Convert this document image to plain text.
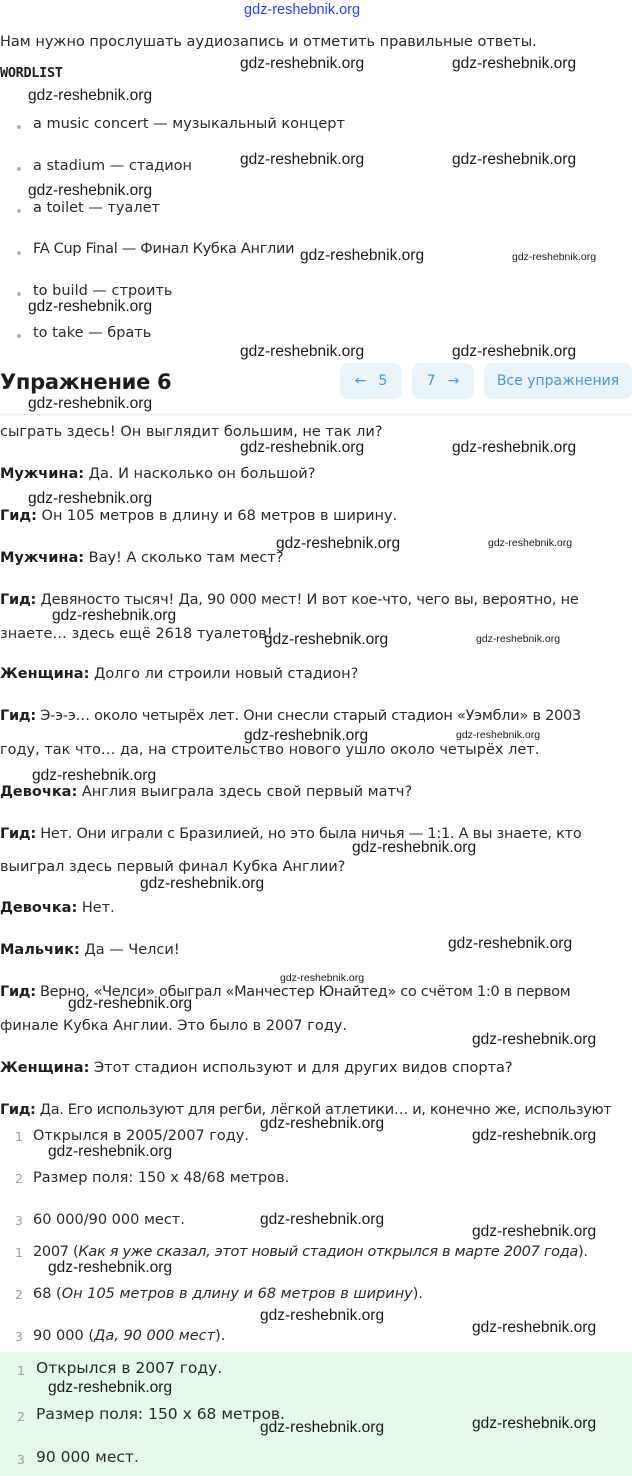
gdz-reshebnik.org
Нам нужно прослушать аудиозапись и отметить правильные ответы.
WORDLIST
a music concert — музыкальный концерт
a stadium — стадион
a toilet — туалет
FA Cup Final — Финал Кубка Англии
to build — строить
to take — брать
Упражнение 6	← 5	7 →	Все упражнения
сыграть здесь! Он выглядит большим, не так ли?
Мужчина: Да. И насколько он большой?
Гид: Он 105 метров в длину и 68 метров в ширину.
Мужчина: Вау! А сколько там мест?
Гид: Девяносто тысяч! Да, 90 000 мест! И вот кое-что, чего вы, вероятно, не
знаете… здесь ещё 2618 туалетов!
Женщина: Долго ли строили новый стадион?
Гид: Э-э-э… около четырёх лет. Они снесли старый стадион «Уэмбли» в 2003
году, так что… да, на строительство нового ушло около четырёх лет.
Девочка: Англия выиграла здесь свой первый матч?
Гид: Нет. Они играли с Бразилией, но это была ничья — 1:1. А вы знаете, кто
выиграл здесь первый финал Кубка Англии?
Девочка: Нет.
Мальчик: Да — Челси!
Гид: Верно, «Челси» обыграл «Манчестер Юнайтед» со счётом 1:0 в первом
финале Кубка Англии. Это было в 2007 году.
Женщина: Этот стадион используют и для других видов спорта?
Гид: Да. Его используют для регби, лёгкой атлетики… и, конечно же, используют
1 Открылся в 2005/2007 году.
2 Размер поля: 150 х 48/68 метров.
3 60 000/90 000 мест.
1 2007 (Как я уже сказал, этот новый стадион открылся в марте 2007 года).
2 68 (Он 105 метров в длину и 68 метров в ширину).
3 90 000 (Да, 90 000 мест).
1 Открылся в 2007 году.
2 Размер поля: 150 х 68 метров.
3 90 000 мест.
gdz-reshebnik.org	gdz-reshebnik.org
gdz-reshebnik.org
gdz-reshebnik.org	gdz-reshebnik.org
gdz-reshebnik.org
gdz-reshebnik.org	gdz-reshebnik.org
gdz-reshebnik.org
gdz-reshebnik.org	gdz-reshebnik.org
gdz-reshebnik.org
gdz-reshebnik.org	gdz-reshebnik.org
gdz-reshebnik.org
gdz-reshebnik.org	gdz-reshebnik.org
gdz-reshebnik.org
gdz-reshebnik.org	gdz-reshebnik.org
gdz-reshebnik.org	gdz-reshebnik.org
gdz-reshebnik.org
gdz-reshebnik.org
gdz-reshebnik.org
gdz-reshebnik.org
gdz-reshebnik.org
gdz-reshebnik.org
gdz-reshebnik.org
gdz-reshebnik.org
gdz-reshebnik.org
gdz-reshebnik.org
gdz-reshebnik.org
gdz-reshebnik.org
gdz-reshebnik.org
gdz-reshebnik.org
gdz-reshebnik.org
gdz-reshebnik.org
gdz-reshebnik.org	gdz-reshebnik.org
